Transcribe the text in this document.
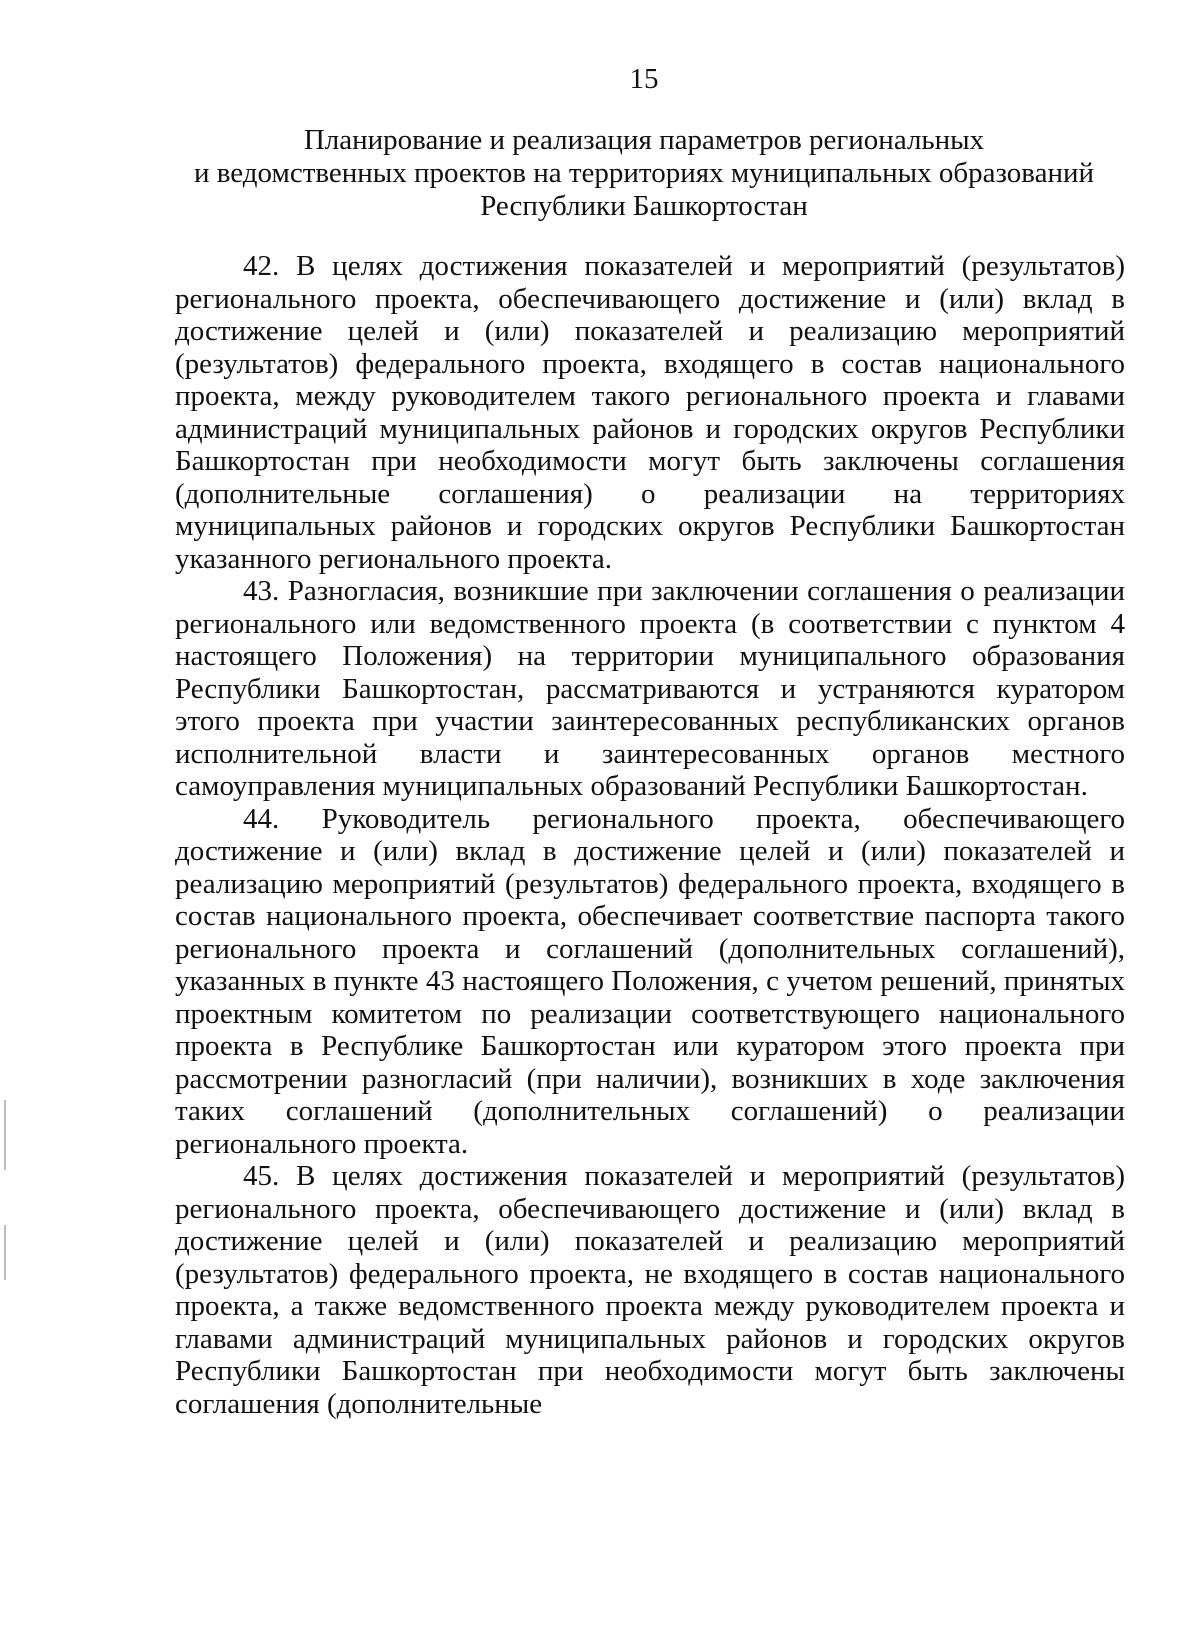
15
Планирование и реализация параметров региональных
и ведомственных проектов на территориях муниципальных образований
Республики Башкортостан

42. В целях достижения показателей и мероприятий (результатов) регионального проекта, обеспечивающего достижение и (или) вклад в достижение целей и (или) показателей и реализацию мероприятий (результатов) федерального проекта, входящего в состав национального проекта, между руководителем такого регионального проекта и главами администраций муниципальных районов и городских округов Республики Башкортостан при необходимости могут быть заключены соглашения (дополнительные соглашения) о реализации на территориях муниципальных районов и городских округов Республики Башкортостан указанного регионального проекта.

43. Разногласия, возникшие при заключении соглашения о реализации регионального или ведомственного проекта (в соответствии с пунктом 4 настоящего Положения) на территории муниципального образования Республики Башкортостан, рассматриваются и устраняются куратором этого проекта при участии заинтересованных республиканских органов исполнительной власти и заинтересованных органов местного самоуправления муниципальных образований Республики Башкортостан.

44. Руководитель регионального проекта, обеспечивающего достижение и (или) вклад в достижение целей и (или) показателей и реализацию мероприятий (результатов) федерального проекта, входящего в состав национального проекта, обеспечивает соответствие паспорта такого регионального проекта и соглашений (дополнительных соглашений), указанных в пункте 43 настоящего Положения, с учетом решений, принятых проектным комитетом по реализации соответствующего национального проекта в Республике Башкортостан или куратором этого проекта при рассмотрении разногласий (при наличии), возникших в ходе заключения таких соглашений (дополнительных соглашений) о реализации регионального проекта.

45. В целях достижения показателей и мероприятий (результатов) регионального проекта, обеспечивающего достижение и (или) вклад в достижение целей и (или) показателей и реализацию мероприятий (результатов) федерального проекта, не входящего в состав национального проекта, а также ведомственного проекта между руководителем проекта и главами администраций муниципальных районов и городских округов Республики Башкортостан при необходимости могут быть заключены соглашения (дополнительные
